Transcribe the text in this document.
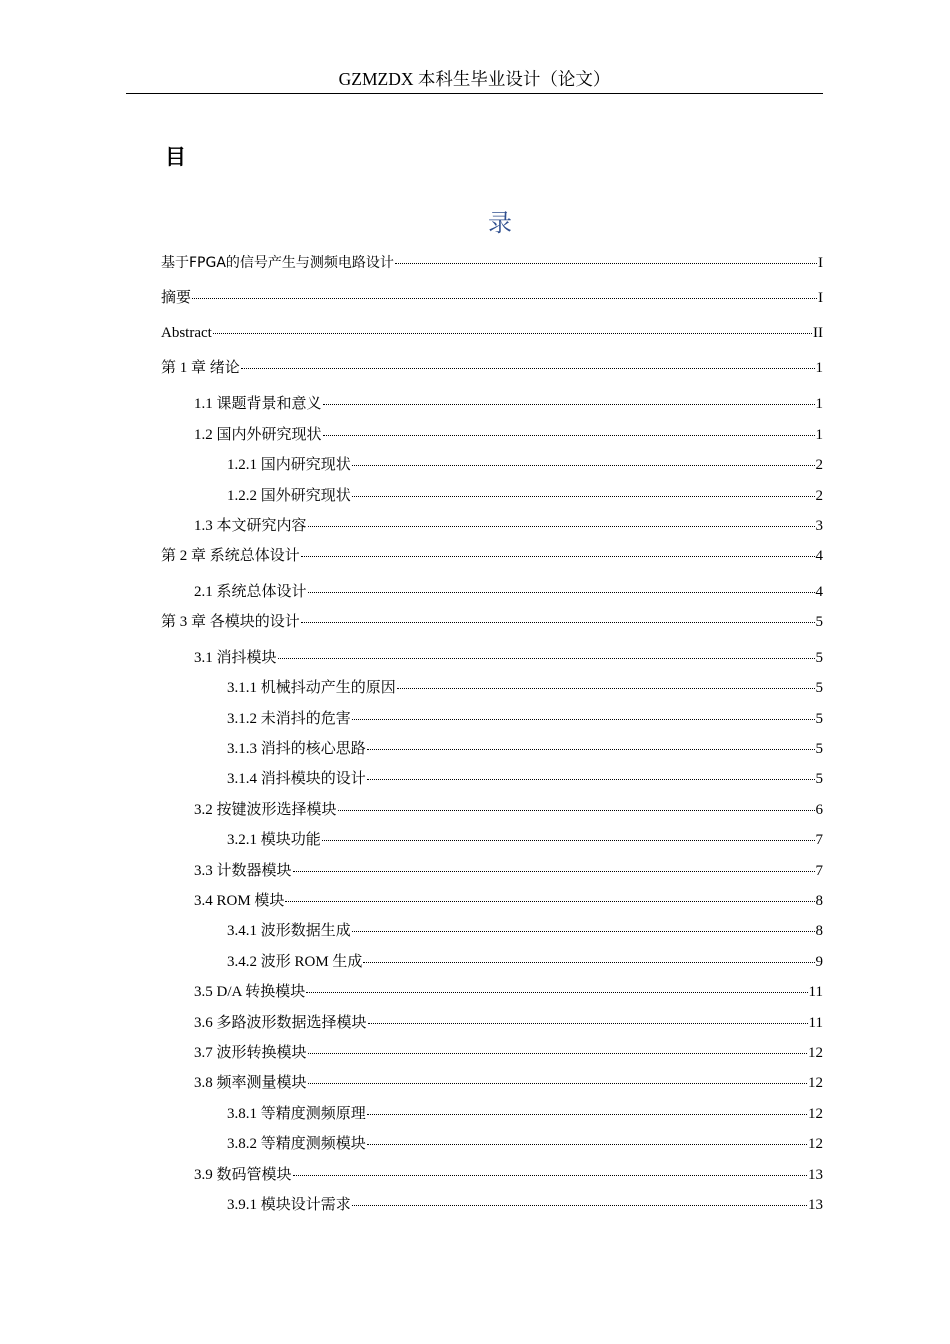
GZMZDX 本科生毕业设计（论文）
目
录
基于FPGA的信号产生与测频电路设计	I
摘要	I
Abstract	II
第 1 章 绪论	1
1.1 课题背景和意义	1
1.2 国内外研究现状	1
1.2.1 国内研究现状	2
1.2.2 国外研究现状	2
1.3 本文研究内容	3
第 2 章 系统总体设计	4
2.1 系统总体设计	4
第 3 章 各模块的设计	5
3.1 消抖模块	5
3.1.1 机械抖动产生的原因	5
3.1.2 未消抖的危害	5
3.1.3 消抖的核心思路	5
3.1.4 消抖模块的设计	5
3.2 按键波形选择模块	6
3.2.1 模块功能	7
3.3 计数器模块	7
3.4 ROM 模块	8
3.4.1 波形数据生成	8
3.4.2 波形 ROM 生成	9
3.5 D/A 转换模块	11
3.6 多路波形数据选择模块	11
3.7 波形转换模块	12
3.8 频率测量模块	12
3.8.1 等精度测频原理	12
3.8.2 等精度测频模块	12
3.9 数码管模块	13
3.9.1 模块设计需求	13
